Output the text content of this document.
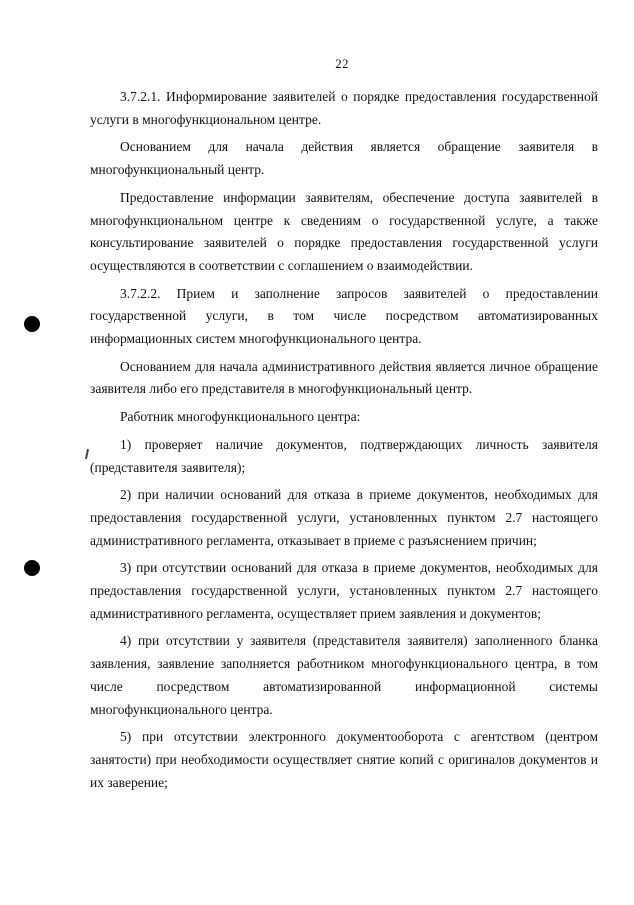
22

3.7.2.1. Информирование заявителей о порядке предоставления государственной услуги в многофункциональном центре.

Основанием для начала действия является обращение заявителя в многофункциональный центр.

Предоставление информации заявителям, обеспечение доступа заявителей в многофункциональном центре к сведениям о государственной услуге, а также консультирование заявителей о порядке предоставления государственной услуги осуществляются в соответствии с соглашением о взаимодействии.

3.7.2.2. Прием и заполнение запросов заявителей о предоставлении государственной услуги, в том числе посредством автоматизированных информационных систем многофункционального центра.

Основанием для начала административного действия является личное обращение заявителя либо его представителя в многофункциональный центр.

Работник многофункционального центра:

1) проверяет наличие документов, подтверждающих личность заявителя (представителя заявителя);

2) при наличии оснований для отказа в приеме документов, необходимых для предоставления государственной услуги, установленных пунктом 2.7 настоящего административного регламента, отказывает в приеме с разъяснением причин;

3) при отсутствии оснований для отказа в приеме документов, необходимых для предоставления государственной услуги, установленных пунктом 2.7 настоящего административного регламента, осуществляет прием заявления и документов;

4) при отсутствии у заявителя (представителя заявителя) заполненного бланка заявления, заявление заполняется работником многофункционального центра, в том числе посредством автоматизированной информационной системы многофункционального центра.

5) при отсутствии электронного документооборота с агентством (центром занятости) при необходимости осуществляет снятие копий с оригиналов документов и их заверение;
